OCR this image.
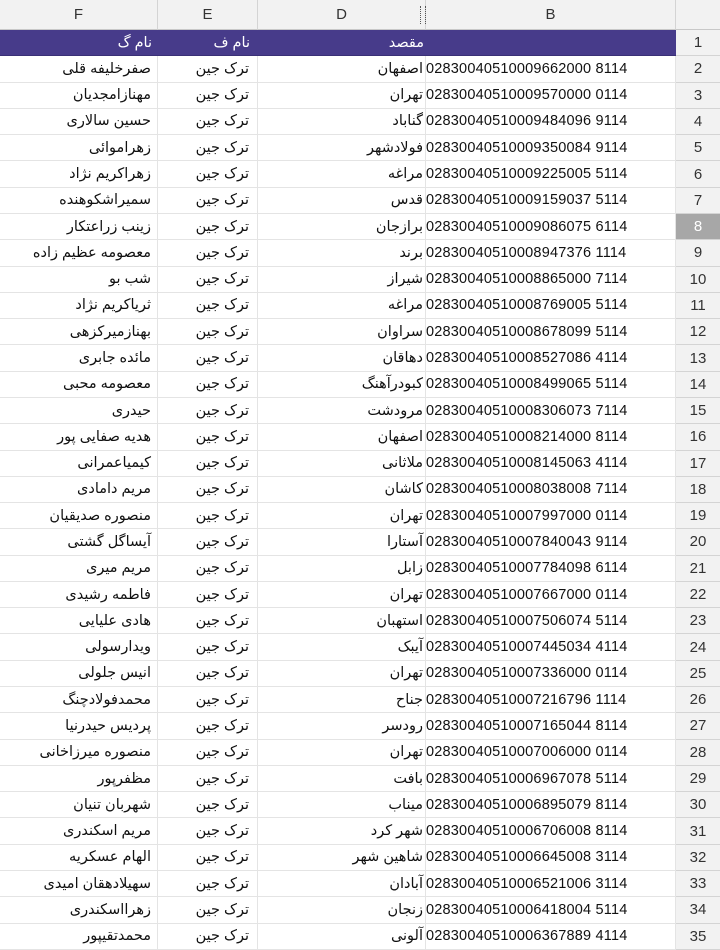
F	E	D	B
نام گ	نام ف	مقصد	1
صفرخلیفه قلی	ترک جین	اصفهان 02830040510009662000 8114	2
مهنازامجدیان	ترک جین	تهران 02830040510009570000 0114	3
حسین سالاری	ترک جین	گناباد 02830040510009484096 9114	4
زهراموائی	ترک جین	فولادشهر 02830040510009350084 9114	5
زهراکریم نژاد	ترک جین	مراغه 02830040510009225005 5114	6
سمیراشکوهنده	ترک جین	قدس 02830040510009159037 5114	7
زینب زراعتکار	ترک جین	برازجان 02830040510009086075 6114	8
معصومه عظیم زاده	ترک جین	برند 02830040510008947376 1114	9
شب بو	ترک جین	شیراز 02830040510008865000 7114	10
ثریاکریم نژاد	ترک جین	مراغه 02830040510008769005 5114	11
بهنازمیرکزهی	ترک جین	سراوان 02830040510008678099 5114	12
مائده جابری	ترک جین	دهاقان 02830040510008527086 4114	13
معصومه محبی	ترک جین	کبودرآهنگ 02830040510008499065 5114	14
حیدری	ترک جین	مرودشت 02830040510008306073 7114	15
هدیه صفایی پور	ترک جین	اصفهان 02830040510008214000 8114	16
کیمیاعمرانی	ترک جین	ملاثانی 02830040510008145063 4114	17
مریم دامادی	ترک جین	کاشان 02830040510008038008 7114	18
منصوره صدیقیان	ترک جین	تهران 02830040510007997000 0114	19
آیساگل گشتی	ترک جین	آستارا 02830040510007840043 9114	20
مریم میری	ترک جین	زابل 02830040510007784098 6114	21
فاطمه رشیدی	ترک جین	تهران 02830040510007667000 0114	22
هادی علیایی	ترک جین	استهبان 02830040510007506074 5114	23
ویدارسولی	ترک جین	آیبک 02830040510007445034 4114	24
انیس جلولی	ترک جین	تهران 02830040510007336000 0114	25
محمدفولادچنگ	ترک جین	جناح 02830040510007216796 1114	26
پردیس حیدرنیا	ترک جین	رودسر 02830040510007165044 8114	27
منصوره میرزاخانی	ترک جین	تهران 02830040510007006000 0114	28
مظفرپور	ترک جین	بافت 02830040510006967078 5114	29
شهربان تنیان	ترک جین	میناب 02830040510006895079 8114	30
مریم اسکندری	ترک جین	شهر کرد 02830040510006706008 8114	31
الهام عسکریه	ترک جین	شاهین شهر 02830040510006645008 3114	32
سهیلادهقان امیدی	ترک جین	آبادان 02830040510006521006 3114	33
زهرااسکندری	ترک جین	زنجان 02830040510006418004 5114	34
محمدتقیپور	ترک جین	آلونی 02830040510006367889 4114	35
